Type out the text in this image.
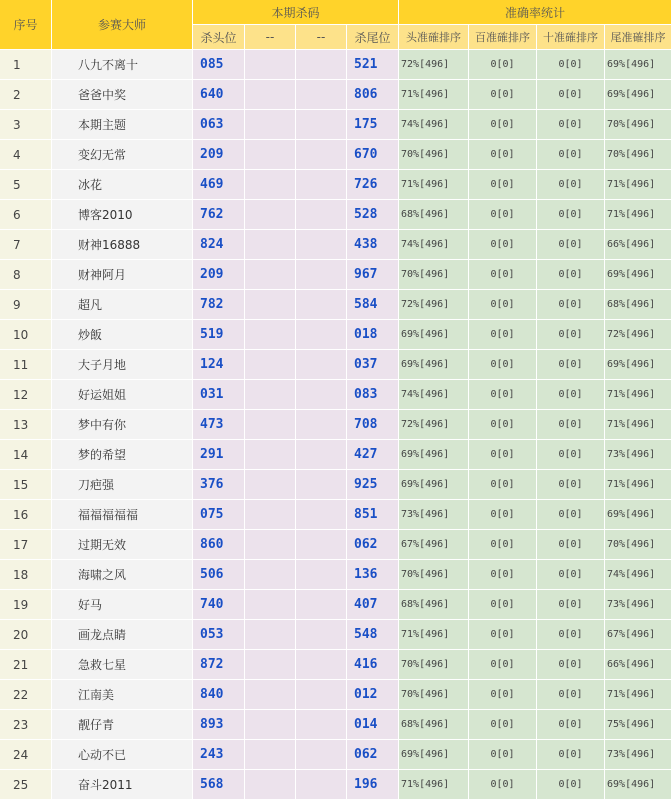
序号	参赛大师	本期杀码				准确率统计			
		杀头位	--	--	杀尾位	头准確排序	百准確排序	十准確排序	尾准確排序
1	八九不离十	085			521	72%[496]	0[0]	0[0]	69%[496]
2	爸爸中奖	640			806	71%[496]	0[0]	0[0]	69%[496]
3	本期主题	063			175	74%[496]	0[0]	0[0]	70%[496]
4	变幻无常	209			670	70%[496]	0[0]	0[0]	70%[496]
5	冰花	469			726	71%[496]	0[0]	0[0]	71%[496]
6	博客2010	762			528	68%[496]	0[0]	0[0]	71%[496]
7	财神16888	824			438	74%[496]	0[0]	0[0]	66%[496]
8	财神阿月	209			967	70%[496]	0[0]	0[0]	69%[496]
9	超凡	782			584	72%[496]	0[0]	0[0]	68%[496]
10	炒飯	519			018	69%[496]	0[0]	0[0]	72%[496]
11	大子月地	124			037	69%[496]	0[0]	0[0]	69%[496]
12	好运姐姐	031			083	74%[496]	0[0]	0[0]	71%[496]
13	梦中有你	473			708	72%[496]	0[0]	0[0]	71%[496]
14	梦的希望	291			427	69%[496]	0[0]	0[0]	73%[496]
15	刀疤强	376			925	69%[496]	0[0]	0[0]	71%[496]
16	福福福福福	075			851	73%[496]	0[0]	0[0]	69%[496]
17	过期无效	860			062	67%[496]	0[0]	0[0]	70%[496]
18	海啸之风	506			136	70%[496]	0[0]	0[0]	74%[496]
19	好马	740			407	68%[496]	0[0]	0[0]	73%[496]
20	画龙点睛	053			548	71%[496]	0[0]	0[0]	67%[496]
21	急救七星	872			416	70%[496]	0[0]	0[0]	66%[496]
22	江南美	840			012	70%[496]	0[0]	0[0]	71%[496]
23	靓仔青	893			014	68%[496]	0[0]	0[0]	75%[496]
24	心动不已	243			062	69%[496]	0[0]	0[0]	73%[496]
25	奋斗2011	568			196	71%[496]	0[0]	0[0]	69%[496]
